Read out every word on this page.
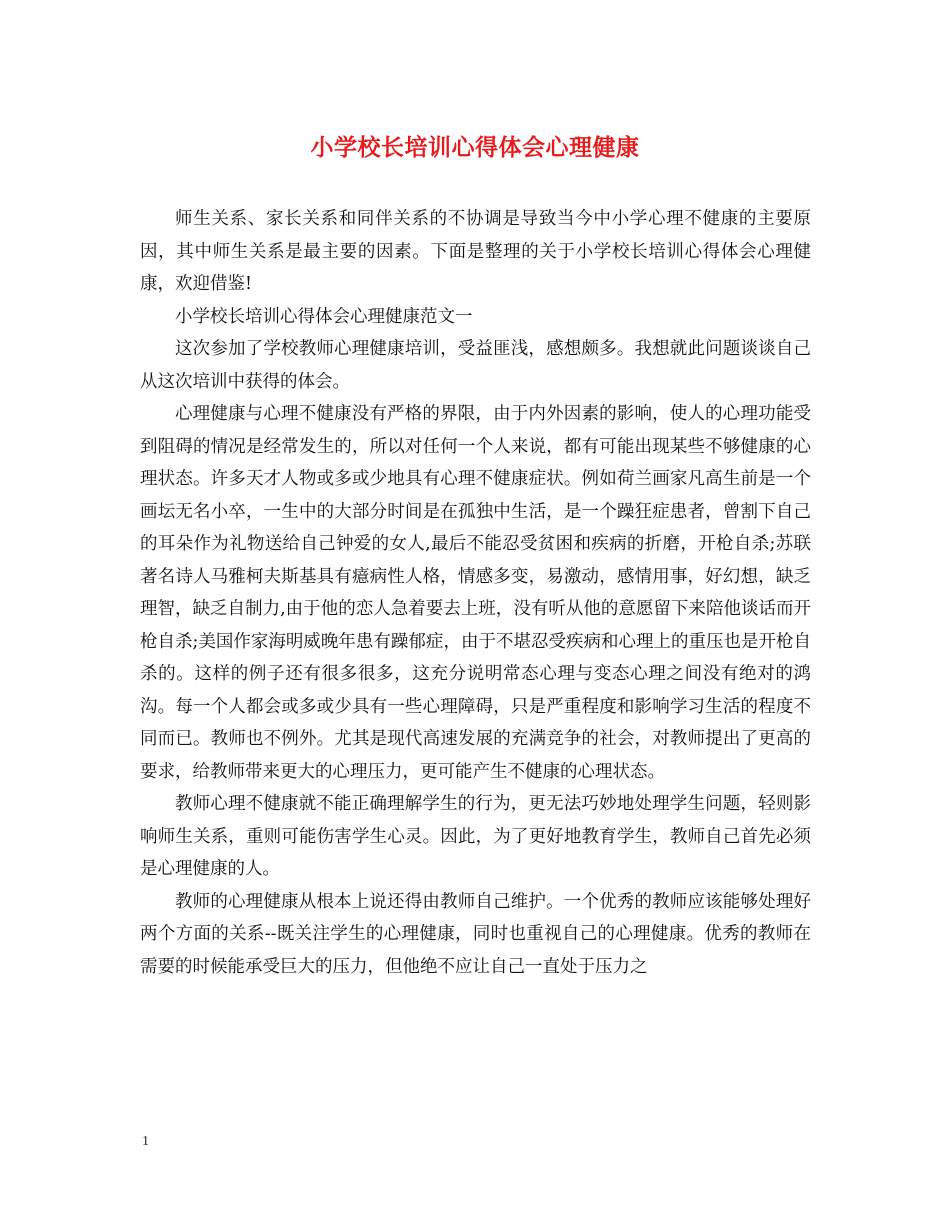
小学校长培训心得体会心理健康

师生关系、家长关系和同伴关系的不协调是导致当今中小学心理不健康的主要原因，其中师生关系是最主要的因素。下面是整理的关于小学校长培训心得体会心理健康，欢迎借鉴!

小学校长培训心得体会心理健康范文一

这次参加了学校教师心理健康培训，受益匪浅，感想颇多。我想就此问题谈谈自己从这次培训中获得的体会。

心理健康与心理不健康没有严格的界限，由于内外因素的影响，使人的心理功能受到阻碍的情况是经常发生的，所以对任何一个人来说，都有可能出现某些不够健康的心理状态。许多天才人物或多或少地具有心理不健康症状。例如荷兰画家凡高生前是一个画坛无名小卒，一生中的大部分时间是在孤独中生活，是一个躁狂症患者，曾割下自己的耳朵作为礼物送给自己钟爱的女人,最后不能忍受贫困和疾病的折磨，开枪自杀;苏联著名诗人马雅柯夫斯基具有癔病性人格，情感多变，易激动，感情用事，好幻想，缺乏理智，缺乏自制力,由于他的恋人急着要去上班，没有听从他的意愿留下来陪他谈话而开枪自杀;美国作家海明威晚年患有躁郁症，由于不堪忍受疾病和心理上的重压也是开枪自杀的。这样的例子还有很多很多，这充分说明常态心理与变态心理之间没有绝对的鸿沟。每一个人都会或多或少具有一些心理障碍，只是严重程度和影响学习生活的程度不同而已。教师也不例外。尤其是现代高速发展的充满竞争的社会，对教师提出了更高的要求，给教师带来更大的心理压力，更可能产生不健康的心理状态。

教师心理不健康就不能正确理解学生的行为，更无法巧妙地处理学生问题，轻则影响师生关系，重则可能伤害学生心灵。因此，为了更好地教育学生，教师自己首先必须是心理健康的人。

教师的心理健康从根本上说还得由教师自己维护。一个优秀的教师应该能够处理好两个方面的关系--既关注学生的心理健康，同时也重视自己的心理健康。优秀的教师在需要的时候能承受巨大的压力，但他绝不应让自己一直处于压力之

1
